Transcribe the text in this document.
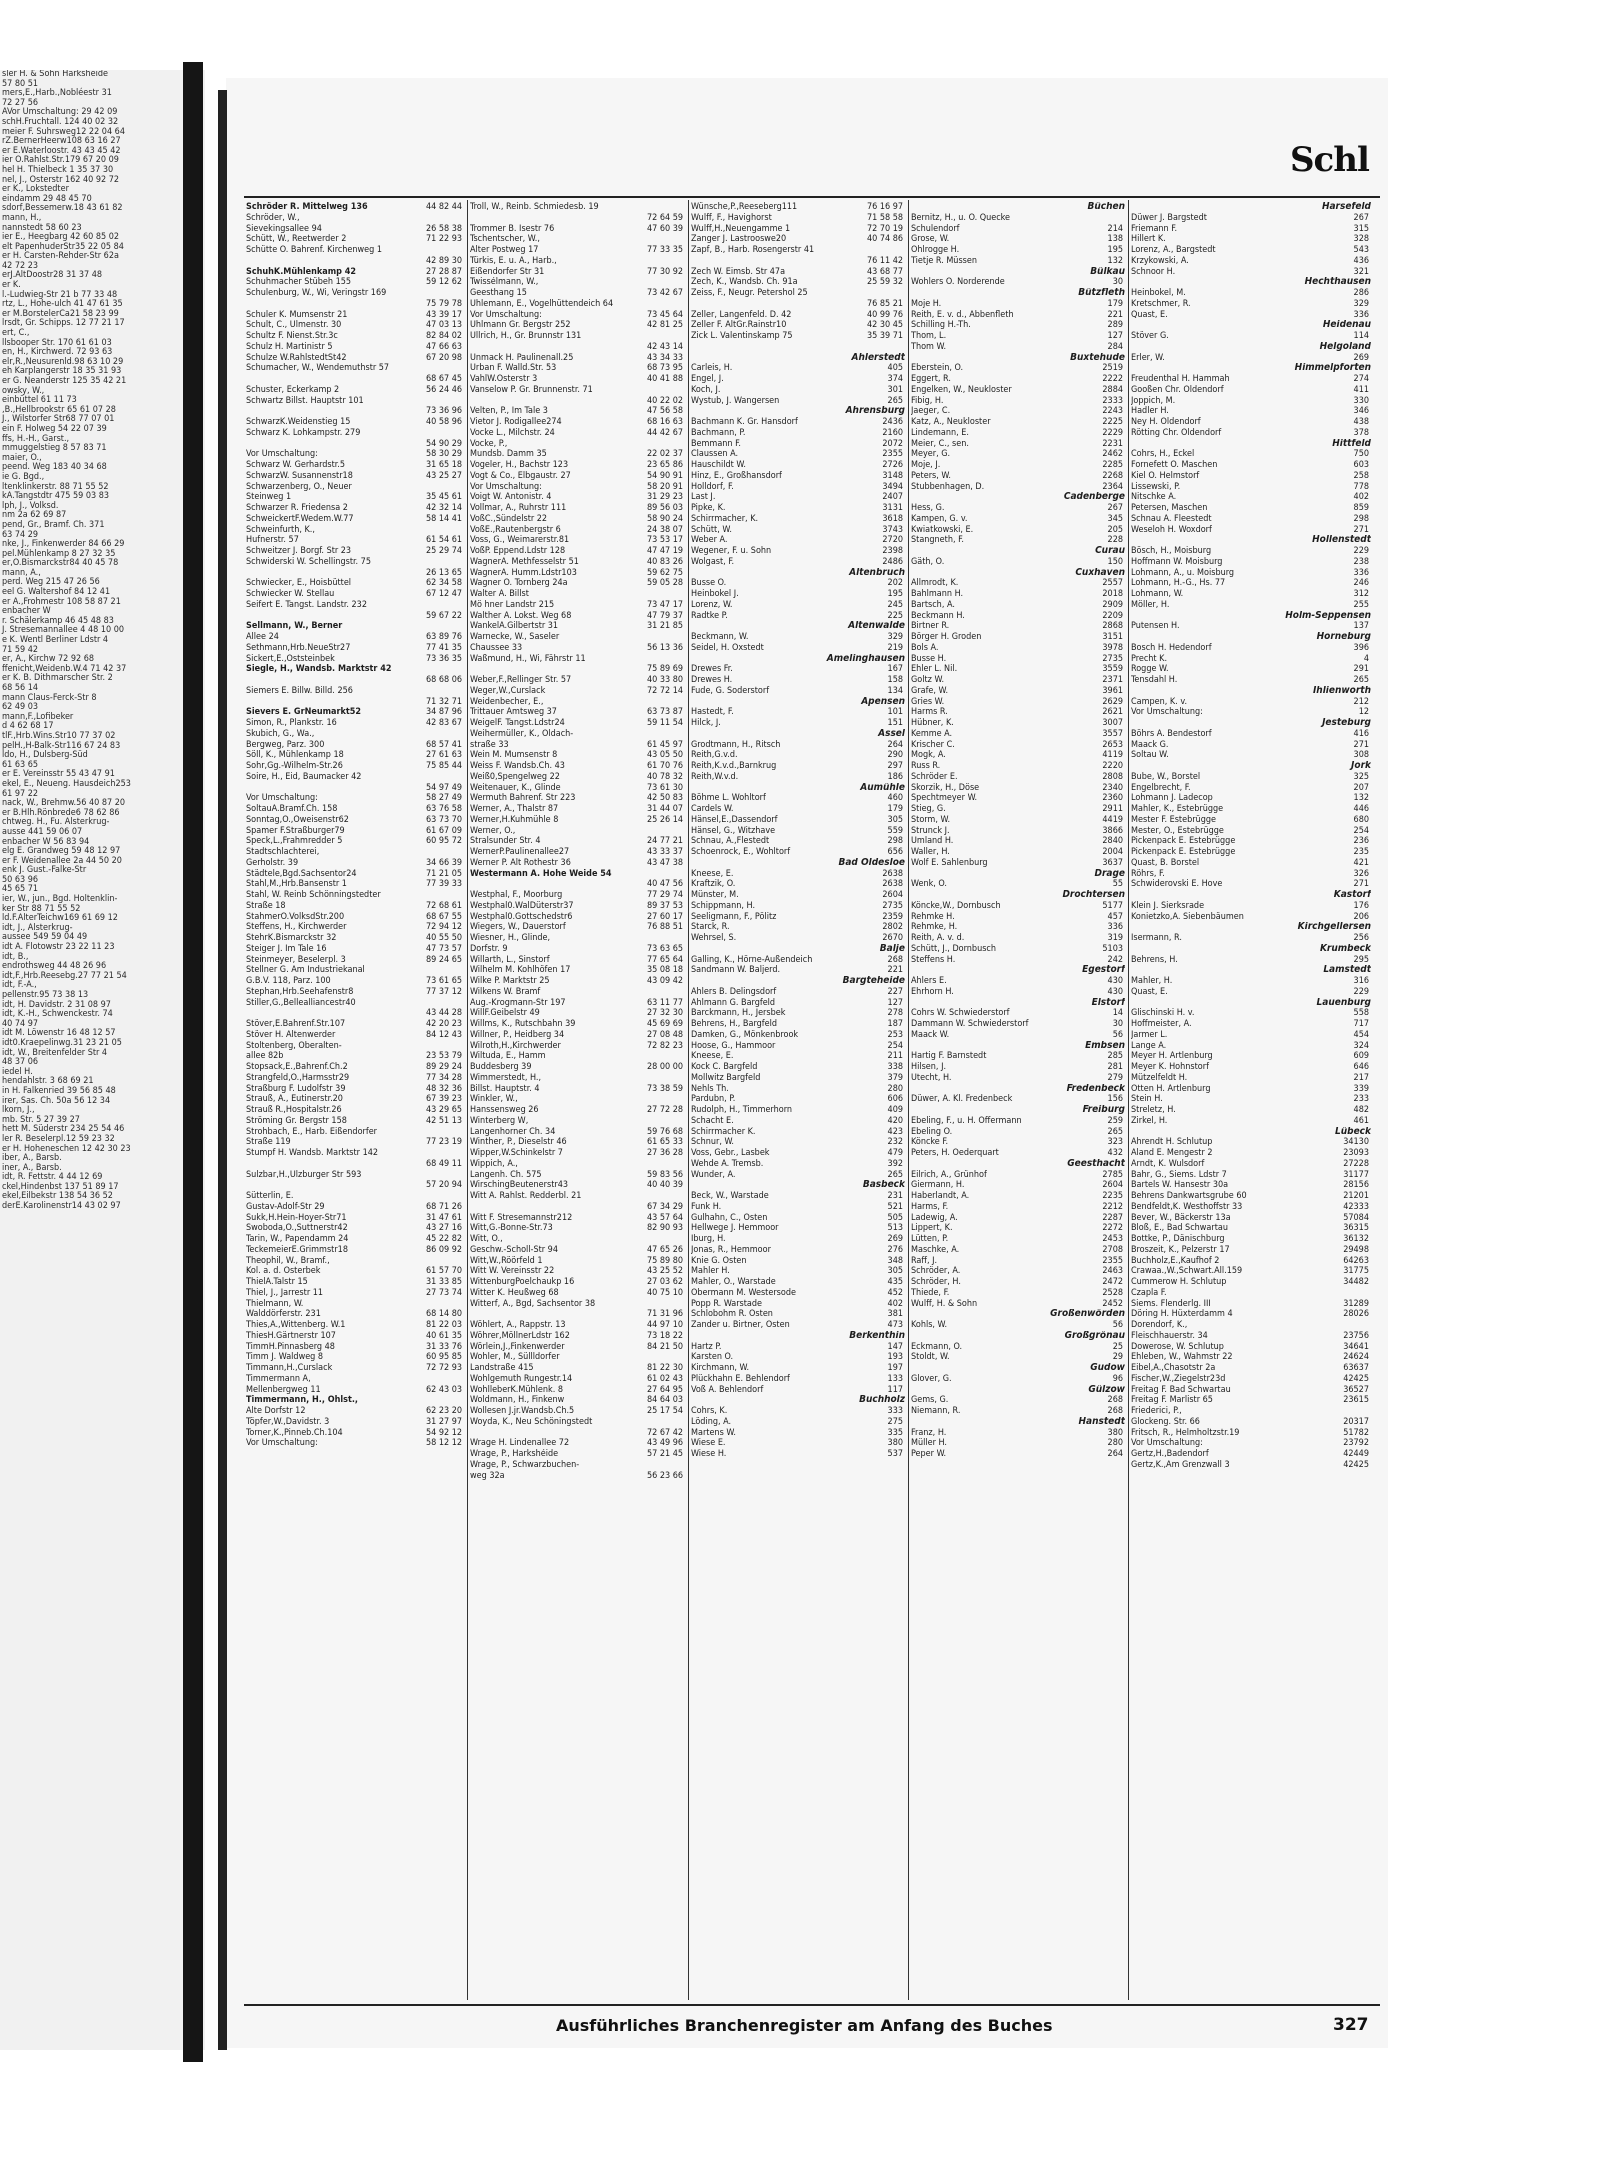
sler H. & Sohn Harksheide
57 80 51
mers,E.,Harb.,Nobléestr 31
72 27 56
AVor Umschaltung: 29 42 09
schH.Fruchtall. 124 40 02 32
meier F. Suhrsweg12 22 04 64
rZ.BernerHeerw108 63 16 27
er E.Waterloostr. 43 43 45 42
ier O.Rahlst.Str.179 67 20 09
hel H. Thielbeck 1 35 37 30
nel, J., Osterstr 162 40 92 72
er K., Lokstedter
eindamm 29 48 45 70
sdorf,Bessemerw.18 43 61 82
mann, H.,
nannstedt 58 60 23
ier E., Heegbarg 42 60 85 02
elt PapenhuderStr35 22 05 84
er H. Carsten-Rehder-Str 62a
42 72 23
erJ.AltDoostr28 31 37 48
er K.
l.-Ludwieg-Str 21 b 77 33 48
rtz, L., Hohe-ulch 41 47 61 35
er M.BorstelerCa21 58 23 99
lrsdt, Gr. Schipps. 12 77 21 17
ert, C.,
llsbooper Str. 170 61 61 03
en, H., Kirchwerd. 72 93 63
elr,R.,Neusurenld.98 63 10 29
eh Karplangerstr 18 35 31 93
er G. Neanderstr 125 35 42 21
owsky, W.,
einbüttel 61 11 73
,B.,Hellbrookstr 65 61 07 28
J., Wilstorfer Str68 77 07 01
ein F. Holweg 54 22 07 39
ffs, H.-H., Garst.,
mmuggelstieg 8 57 83 71
maier, O.,
peend. Weg 183 40 34 68
ie G. Bgd.,
ltenklinkerstr. 88 71 55 52
kA.Tangstdtr 475 59 03 83
lph, J., Volksd.
nm 2a 62 69 87
pend, Gr., Bramf. Ch. 371
63 74 29
nke, J., Finkenwerder 84 66 29
pel.Mühlenkamp 8 27 32 35
er,O.Bismarckstr84 40 45 78
mann, A.,
perd. Weg 215 47 26 56
eel G. Waltershof 84 12 41
er A.,Frohmestr 108 58 87 21
enbacher W
r. Schälerkamp 46 45 48 83
J. Stresemannallee 4 48 10 00
e K. Wentl Berliner Ldstr 4
71 59 42
er, A., Kirchw 72 92 68
ffenicht,Weidenb.W.4 71 42 37
er K. B. Dithmarscher Str. 2
68 56 14
mann Claus-Ferck-Str 8
62 49 03
mann,F.,Lofibeker
d 4 62 68 17
tlF.,Hrb.Wins.Str10 77 37 02
pelH.,H-Balk-Str116 67 24 83
ldo, H., Dulsberg-Süd
61 63 65
er E. Vereinsstr 55 43 47 91
ekel, E., Neueng. Hausdeich253
61 97 22
nack, W., Brehmw.56 40 87 20
er B.Hlh.Rönbrede6 78 62 86
chtweg. H., Fu. Alsterkrug-
ausse 441 59 06 07
enbacher W 56 83 94
elg E. Grandweg 59 48 12 97
er F. Weidenallee 2a 44 50 20
enk J. Gust.-Falke-Str
50 63 96
45 65 71
ier, W., jun., Bgd. Holtenklin-
ker Str 88 71 55 52
ld.F.AlterTeichw169 61 69 12
idt, J., Alsterkrug-
aussee 549 59 04 49
idt A. Flotowstr 23 22 11 23
idt, B.,
endrothsweg 44 48 26 96
idt,F.,Hrb.Reesebg.27 77 21 54
idt, F.-A.,
pellenstr.95 73 38 13
idt, H. Davidstr. 2 31 08 97
idt, K.-H., Schwenckestr. 74
40 74 97
idt M. Löwenstr 16 48 12 57
idt0.Kraepelinwg.31 23 21 05
idt, W., Breitenfelder Str 4
48 37 06
iedel H.
hendahlstr. 3 68 69 21
in H. Falkenried 39 56 85 48
irer, Sas. Ch. 50a 56 12 34
lkorn, J.,
mb. Str. 5 27 39 27
hett M. Süderstr 234 25 54 46
ler R. Beselerpl.12 59 23 32
er H. Hoheneschen 12 42 30 23
iber, A., Barsb.
iner, A., Barsb.
idt, R. Fettstr. 4 44 12 69
ckel,Hindenbst 137 51 89 17
ekel,Eilbekstr 138 54 36 52
derE.Karolinenstr14 43 02 97
Schl
Schröder R. Mittelweg 136	44 82 44
Schröder, W.,
Sievekingsallee 94	26 58 38
Schütt, W., Reetwerder 2	71 22 93
Schütte O. Bahrenf. Kirchenweg 1
42 89 30
SchuhK.Mühlenkamp 42	27 28 87
Schuhmacher Stübeh 155	59 12 62
Schulenburg, W., Wi, Veringstr 169
75 79 78
Schuler K. Mumsenstr 21	43 39 17
Schult, C., Ulmenstr. 30	47 03 13
Schultz F. Nienst.Str.3c	82 84 02
Schulz H. Martinistr 5	47 66 63
Schulze W.RahlstedtSt42	67 20 98
Schumacher, W., Wendemuthstr 57
68 67 45
Schuster, Eckerkamp 2	56 24 46
Schwartz Billst. Hauptstr 101
73 36 96
SchwarzK.Weidenstieg 15	40 58 96
Schwarz K. Lohkampstr. 279
54 90 29
Vor Umschaltung:	58 30 29
Schwarz W. Gerhardstr.5	31 65 18
SchwarzW. Susannenstr18	43 25 27
Schwarzenberg, O., Neuer
Steinweg 1	35 45 61
Schwarzer R. Friedensa 2	42 32 14
SchweickertF.Wedem.W.77	58 14 41
Schweinfurth, K.,
Hufnerstr. 57	61 54 61
Schweitzer J. Borgf. Str 23	25 29 74
Schwiderski W. Schellingstr. 75
26 13 65
Schwiecker, E., Hoisbüttel	62 34 58
Schwiecker W. Stellau	67 12 47
Seifert E. Tangst. Landstr. 232
59 67 22
Sellmann, W., Berner
Allee 24	63 89 76
Sethmann,Hrb.NeueStr27	77 41 35
Sickert,E.,Oststeinbek	73 36 35
Siegle, H., Wandsb. Marktstr 42
68 68 06
Siemers E. Billw. Billd. 256
71 32 71
Sievers E. GrNeumarkt52	34 87 96
Simon, R., Plankstr. 16	42 83 67
Skubich, G., Wa.,
Bergweg, Parz. 300	68 57 41
Söll, K., Mühlenkamp 18	27 61 63
Sohr,Gg.-Wilhelm-Str.26	75 85 44
Soire, H., Eid, Baumacker 42
54 97 49
Vor Umschaltung:	58 27 49
SoltauA.Bramf.Ch. 158	63 76 58
Sonntag,O.,Oweisenstr62	63 73 70
Spamer F.Straßburger79	61 67 09
Speck,L.,Frahmredder 5	60 95 72
Stadtschlachterei,
Gerholstr. 39	34 66 39
Städtele,Bgd.Sachsentor24	71 21 05
Stahl,M.,Hrb.Bansenstr 1	77 39 33
Stahl, W. Reinb Schönningstedter
Straße 18	72 68 61
StahmerO.VolksdStr.200	68 67 55
Steffens, H., Kirchwerder	72 94 12
StehrK.Bismarckstr 32	40 55 50
Steiger J. Im Tale 16	47 73 57
Steinmeyer, Beselerpl. 3	89 24 65
Stellner G. Am Industriekanal
G.B.V. 118, Parz. 100	73 61 65
Stephan,Hrb.Seehafenstr8	77 37 12
Stiller,G.,Bellealliancestr40
43 44 28
Stöver,E.Bahrenf.Str.107	42 20 23
Stöver H. Altenwerder	84 12 43
Stoltenberg, Oberalten-
allee 82b	23 53 79
Stopsack,E.,Bahrenf.Ch.2	89 29 24
Strangfeld,O.,Harmsstr29	77 34 28
Straßburg F. Ludolfstr 39	48 32 36
Strauß, A., Eutinerstr.20	67 39 23
Strauß R.,Hospitalstr.26	43 29 65
Ströming Gr. Bergstr 158	42 51 13
Strohbach, E., Harb. Eißendorfer
Straße 119	77 23 19
Stumpf H. Wandsb. Marktstr 142
68 49 11
Sulzbar,H.,Ulzburger Str 593
57 20 94
Sütterlin, E.
Gustav-Adolf-Str 29	68 71 26
Sukk,H.Hein-Hoyer-Str71	31 47 61
Swoboda,O.,Suttnerstr42	43 27 16
Tarin, W., Papendamm 24	45 22 82
TeckemeierE.Grimmstr18	86 09 92
Theophil, W., Bramf.,
Kol. a. d. Osterbek	61 57 70
ThielA.Talstr 15	31 33 85
Thiel, J., Jarrestr 11	27 73 74
Thielmann, W.
Walddörferstr. 231	68 14 80
Thies,A.,Wittenberg. W.1	81 22 03
ThiesH.Gärtnerstr 107	40 61 35
TimmH.Pinnasberg 48	31 33 76
Timm J. Waldweg 8	60 95 85
Timmann,H.,Curslack	72 72 93
Timmermann A,
Mellenbergweg 11	62 43 03
Timmermann, H., Ohlst.,
Alte Dorfstr 12	62 23 20
Töpfer,W.,Davidstr. 3	31 27 97
Torner,K.,Pinneb.Ch.104	54 92 12
Vor Umschaltung:	58 12 12
Troll, W., Reinb. Schmiedesb. 19
72 64 59
Trommer B. Isestr 76	47 60 39
Tschentscher, W.,
Alter Postweg 17	77 33 35
Türkis, E. u. A., Harb.,
Eißendorfer Str 31	77 30 92
Twissélmann, W.,
Geesthang 15	73 42 67
Uhlemann, E., Vogelhüttendeich 64
Vor Umschaltung:	73 45 64
Uhlmann Gr. Bergstr 252	42 81 25
Ullrich, H., Gr. Brunnstr 131
42 43 14
Unmack H. Paulinenall.25	43 34 33
Urban F. Walld.Str. 53	68 73 95
VahlW.Osterstr 3	40 41 88
Vanselow P. Gr. Brunnenstr. 71
40 22 02
Velten, P., Im Tale 3	47 56 58
Vietor J. Rodigallee274	68 16 63
Vocke L., Milchstr. 24	44 42 67
Vocke, P.,
Mundsb. Damm 35	22 02 37
Vogeler, H., Bachstr 123	23 65 86
Vogt & Co., Elbgaustr. 27	54 90 91
Vor Umschaltung:	58 20 91
Voigt W. Antonistr. 4	31 29 23
Vollmar, A., Ruhrstr 111	89 56 03
VoßC.,Sündelstr 22	58 90 24
VoßE.,Rautenbergstr 6	24 38 07
Voss, G., Weimarerstr.81	73 53 17
VoßP. Eppend.Ldstr 128	47 47 19
WagnerA. Methfesselstr 51	40 83 26
WagnerA. Humm.Ldstr103	59 62 75
Wagner O. Tornberg 24a	59 05 28
Walter A. Billst
Mö hner Landstr 215	73 47 17
Walther A. Lokst. Weg 68	47 79 37
WankelA.Gilbertstr 31	31 21 85
Warnecke, W., Saseler
Chaussee 33	56 13 36
Waßmund, H., Wi, Fährstr 11
75 89 69
Weber,F.,Rellinger Str. 57	40 33 80
Weger,W.,Curslack	72 72 14
Weidenbecher, E.,
Trittauer Amtsweg 37	63 73 87
WeigelF. Tangst.Ldstr24	59 11 54
Weihermüller, K., Oldach-
straße 33	61 45 97
Wein M. Mumsenstr 8	43 05 50
Weiss F. Wandsb.Ch. 43	61 70 76
Weiß0,Spengelweg 22	40 78 32
Weitenauer, K., Glinde	73 61 30
Wermuth Bahrenf. Str 223	42 50 83
Werner, A., Thalstr 87	31 44 07
Werner,H.Kuhmühle 8	25 26 14
Werner, O.,
Stralsunder Str. 4	24 77 21
WernerP.Paulinenallee27	43 33 37
Werner P. Alt Rothestr 36	43 47 38
Westermann A. Hohe Weide 54
40 47 56
Westphal, F., Moorburg	77 29 74
Westphal0.WalDüterstr37	89 37 53
Westphal0.Gottschedstr6	27 60 17
Wiegers, W., Dauerstorf	76 88 51
Wiesner, H., Glinde,
Dorfstr. 9	73 63 65
Willarth, L., Sinstorf	77 65 64
Wilhelm M. Kohlhöfen 17	35 08 18
Wilke P. Marktstr 25	43 09 42
Wilkens W. Bramf
Aug.-Krogmann-Str 197	63 11 77
WillF.Geibelstr 49	27 32 30
Willms, K., Rutschbahn 39	45 69 69
Willner, P., Heidberg 34	27 08 48
Wilroth,H.,Kirchwerder	72 82 23
Wiltuda, E., Hamm
Buddesberg 39	28 00 00
Wimmerstedt, H.,
Billst. Hauptstr. 4	73 38 59
Winkler, W.,
Hanssensweg 26	27 72 28
Winterberg W,
Langenhorner Ch. 34	59 76 68
Winther, P., Dieselstr 46	61 65 33
Wipper,W.Schinkelstr 7	27 36 28
Wippich, A.,
Langenh. Ch. 575	59 83 56
WirschingBeutenerstr43	40 40 39
Witt A. Rahlst. Redderbl. 21
67 34 29
Witt F. Stresemannstr212	43 57 64
Witt,G.-Bonne-Str.73	82 90 93
Witt, O.,
Geschw.-Scholl-Str 94	47 65 26
Witt,W.,Röörfeld 1	75 89 80
Witt W. Vereinsstr 22	43 25 52
WittenburgPoelchaukp 16	27 03 62
Witter K. Heußweg 68	40 75 10
Witterf, A., Bgd, Sachsentor 38
71 31 96
Wöhlert, A., Rappstr. 13	44 97 10
Wöhrer,MöllnerLdstr 162	73 18 22
Wörlein,J.,Finkenwerder	84 21 50
Wohler, M., Süllldorfer
Landstraße 415	81 22 30
Wohlgemuth Rungestr.14	61 02 43
WohlleberK.Mühlenk. 8	27 64 95
Woldmann, H., Finkenw	84 64 03
Wollesen J.jr.Wandsb.Ch.5	25 17 54
Woyda, K., Neu Schöningstedt
72 67 42
Wrage H. Lindenallee 72	43 49 96
Wrage, P., Harkshéide	57 21 45
Wrage, P., Schwarzbuchen-
weg 32a	56 23 66
Wünsche,P.,Reeseberg111	76 16 97
Wulff, F., Havighorst	71 58 58
Wulff,H.,Neuengamme 1	72 70 19
Zanger J. Lastrooswe20	40 74 86
Zapf, B., Harb. Rosengerstr 41
76 11 42
Zech W. Eimsb. Str 47a	43 68 77
Zech, K., Wandsb. Ch. 91a	25 59 32
Zeiss, F., Neugr. Petershol 25
76 85 21
Zeller, Langenfeld. D. 42	40 99 76
Zeller F. AltGr.Rainstr10	42 30 45
Zick L. Valentinskamp 75	35 39 71
Ahlerstedt
Carleis, H.	405
Engel, J.	374
Koch, J.	301
Wystub, J. Wangersen	265
Ahrensburg
Bachmann K. Gr. Hansdorf	2436
Bachmann, P.	2160
Bemmann F.	2072
Claussen A.	2355
Hauschildt W.	2726
Hinz, E., Großhansdorf	3148
Holldorf, F.	3494
Last J.	2407
Pipke, K.	3131
Schirrmacher, K.	3618
Schütt, W.	3743
Weber A.	2720
Wegener, F. u. Sohn	2398
Wolgast, F.	2486
Altenbruch
Busse O.	202
Heinbokel J.	195
Lorenz, W.	245
Radtke P.	225
Altenwalde
Beckmann, W.	329
Seidel, H. Oxstedt	219
Amelinghausen
Drewes Fr.	167
Drewes H.	158
Fude, G. Soderstorf	134
Apensen
Hastedt, F.	101
Hilck, J.	151
Assel
Grodtmann, H., Ritsch	264
Reith,G.v.d.	290
Reith,K.v.d.,Barnkrug	297
Reith,W.v.d.	186
Aumühle
Böhme L. Wohltorf	460
Cardels W.	179
Hänsel,E.,Dassendorf	305
Hänsel, G., Witzhave	559
Schnau, A.,Flestedt	298
Schoenrock, E., Wohltorf	656
Bad Oldesloe
Kneese, E.	2638
Kraftzik, O.	2638
Münster, M.	2604
Schippmann, H.	2735
Seeligmann, F., Pölitz	2359
Starck, R.	2802
Wehrsel, S.	2670
Balje
Galling, K., Hörne-Außendeich	268
Sandmann W. Baljerd.	221
Bargteheide
Ahlers B. Delingsdorf	227
Ahlmann G. Bargfeld	127
Barckmann, H., Jersbek	278
Behrens, H., Bargfeld	187
Damken, G., Mönkenbrook	253
Hoose, G., Hammoor	254
Kneese, E.	211
Kock C. Bargfeld	338
Mollwitz Bargfeld	379
Nehls Th.	280
Pardubn, P.	606
Rudolph, H., Timmerhorn	409
Schacht E.	420
Schirrmacher K.	423
Schnur, W.	232
Voss, Gebr., Lasbek	479
Wehde A. Tremsb.	392
Wunder, A.	265
Basbeck
Beck, W., Warstade	231
Funk H.	521
Gulhahn, C., Osten	505
Hellwege J. Hemmoor	513
Iburg, H.	269
Jonas, R., Hemmoor	276
Knie G. Osten	348
Mahler H.	305
Mahler, O., Warstade	435
Obermann M. Westersode	452
Popp R. Warstade	402
Schlobohm R. Osten	381
Zander u. Birtner, Osten	473
Berkenthin
Hartz P.	147
Karsten O.	193
Kirchmann, W.	197
Plückhahn E. Behlendorf	133
Voß A. Behlendorf	117
Buchholz
Cohrs, K.	333
Löding, A.	275
Martens W.	335
Wiese E.	380
Wiese H.	537
Büchen
Bernitz, H., u. O. Quecke
Schulendorf	214
Grose, W.	138
Ohlrogge H.	195
Tietje R. Müssen	132
Bülkau
Wohlers O. Norderende	30
Bützfleth
Moje H.	179
Reith, E. v. d., Abbenfleth	221
Schilling H.-Th.	289
Thom, L.	127
Thom W.	284
Buxtehude
Eberstein, O.	2519
Eggert, R.	2222
Engelken, W., Neukloster	2884
Fibig, H.	2333
Jaeger, C.	2243
Katz, A., Neukloster	2225
Lindemann, E.	2229
Meier, C., sen.	2231
Meyer, G.	2462
Moje, J.	2285
Peters, W.	2268
Stubbenhagen, D.	2364
Cadenberge
Hess, G.	267
Kampen, G. v.	345
Kwiatkowski, E.	205
Stangneth, F.	228
Curau
Gäth, O.	150
Cuxhaven
Allmrodt, K.	2557
Bahlmann H.	2018
Bartsch, A.	2909
Beckmann H.	2209
Birtner R.	2868
Börger H. Groden	3151
Bols A.	3978
Busse H.	2735
Ehler L. Nil.	3559
Goltz W.	2371
Grafe, W.	3961
Gries W.	2629
Harms R.	2621
Hübner, K.	3007
Kemme A.	3557
Krischer C.	2653
Mogk, A.	4119
Russ R.	2220
Schröder E.	2808
Skorzik, H., Döse	2340
Spechtmeyer W.	2360
Stieg, G.	2911
Storm, W.	4419
Strunck J.	3866
Umland H.	2840
Waller, H.	2004
Wolf E. Sahlenburg	3637
Drage
Wenk, O.	55
Drochtersen
Köncke,W., Dornbusch	5177
Rehmke H.	457
Rehmke, H.	336
Reith, A. v. d.	319
Schütt, J., Dornbusch	5103
Steffens H.	242
Egestorf
Ahlers E.	430
Ehrhorn H.	430
Elstorf
Cohrs W. Schwiederstorf	14
Dammann W. Schwiederstorf	30
Maack W.	56
Embsen
Hartig F. Barnstedt	285
Hilsen, J.	281
Utecht, H.	279
Fredenbeck
Düwer, A. Kl. Fredenbeck	156
Freiburg
Ebeling, F., u. H. Offermann	259
Ebeling O.	265
Köncke F.	323
Peters, H. Oederquart	432
Geesthacht
Eilrich, A., Grünhof	2785
Giermann, H.	2604
Haberlandt, A.	2235
Harms, F.	2212
Ladewig, A.	2287
Lippert, K.	2272
Lütten, P.	2453
Maschke, A.	2708
Raff, J.	2355
Schröder, A.	2463
Schröder, H.	2472
Thiede, F.	2528
Wulff, H. & Sohn	2452
Großenwörden
Kohls, W.	56
Großgrönau
Eckmann, O.	25
Stoldt, W.	29
Gudow
Glover, G.	96
Gülzow
Gems, G.	268
Niemann, R.	268
Hanstedt
Franz, H.	380
Müller H.	280
Peper W.	264
Harsefeld
Düwer J. Bargstedt	267
Friemann F.	315
Hillert K.	328
Lorenz, A., Bargstedt	543
Krzykowski, A.	436
Schnoor H.	321
Hechthausen
Heinbokel, M.	286
Kretschmer, R.	329
Quast, E.	336
Heidenau
Stöver G.	114
Helgoland
Erler, W.	269
Himmelpforten
Freudenthal H. Hammah	274
Gooßen Chr. Oldendorf	411
Joppich, M.	330
Hadler H.	346
Ney H. Oldendorf	438
Rötting Chr. Oldendorf	378
Hittfeld
Cohrs, H., Eckel	750
Fornefett O. Maschen	603
Kiel O. Helmstorf	258
Lissewski, P.	778
Nitschke A.	402
Petersen, Maschen	859
Schnau A. Fleestedt	298
Weseloh H. Woxdorf	271
Hollenstedt
Bösch, H., Moisburg	229
Hoffmann W. Moisburg	238
Lohmann, A., u. Moisburg	336
Lohmann, H.-G., Hs. 77	246
Lohmann, W.	312
Möller, H.	255
Holm-Seppensen
Putensen H.	137
Horneburg
Bosch H. Hedendorf	396
Precht K.	4
Rogge W.	291
Tensdahl H.	265
Ihlienworth
Campen, K. v.	212
Vor Umschaltung:	12
Jesteburg
Böhrs A. Bendestorf	416
Maack G.	271
Soltau W.	308
Jork
Bube, W., Borstel	325
Engelbrecht, F.	207
Lohmann J. Ladecop	132
Mahler, K., Estebrügge	446
Mester F. Estebrügge	680
Mester, O., Estebrügge	254
Pickenpack E. Estebrügge	236
Pickenpack E. Estebrügge	235
Quast, B. Borstel	421
Röhrs, F.	326
Schwiderovski E. Hove	271
Kastorf
Klein J. Sierksrade	176
Konietzko,A. Siebenbäumen	206
Kirchgellersen
Isermann, R.	256
Krumbeck
Behrens, H.	295
Lamstedt
Mahler, H.	316
Quast, E.	229
Lauenburg
Glischinski H. v.	558
Hoffmeister, A.	717
Jarmer L.	454
Lange A.	324
Meyer H. Artlenburg	609
Meyer K. Hohnstorf	646
Mützelfeldt H.	217
Otten H. Artlenburg	339
Stein H.	233
Streletz, H.	482
Zirkel, H.	461
Lübeck
Ahrendt H. Schlutup	34130
Aland E. Mengestr 2	23093
Arndt, K. Wulsdorf	27228
Bahr, G., Siems. Ldstr 7	31177
Bartels W. Hansestr 30a	28156
Behrens Dankwartsgrube 60	21201
Bendfeldt,K. Westhoffstr 33	42333
Bever, W., Bäckerstr 13a	57084
Bloß, E., Bad Schwartau	36315
Bottke, P., Dänischburg	36132
Broszeit, K., Pelzerstr 17	29498
Buchholz,E.,Kaufhof 2	64263
Crawaa.,W.,Schwart.All.159	31775
Cummerow H. Schlutup	34482
Czapla F.
Siems. Flenderlg. III	31289
Döring H. Hüxterdamm 4	28026
Dorendorf, K.,
Fleischhauerstr. 34	23756
Dowerose, W. Schlutup	34641
Ehleben, W., Wahmstr 22	24624
Eibel,A.,Chasotstr 2a	63637
Fischer,W.,Ziegelstr23d	42425
Freitag F. Bad Schwartau	36527
Freitag F. Marlistr 65	23615
Friederici, P.,
Glockeng. Str. 66	20317
Fritsch, R., Helmholtzstr.19	51782
Vor Umschaltung:	23792
Gertz,H.,Badendorf	42449
Gertz,K.,Am Grenzwall 3	42425
Ausführliches Branchenregister am Anfang des Buches	327
